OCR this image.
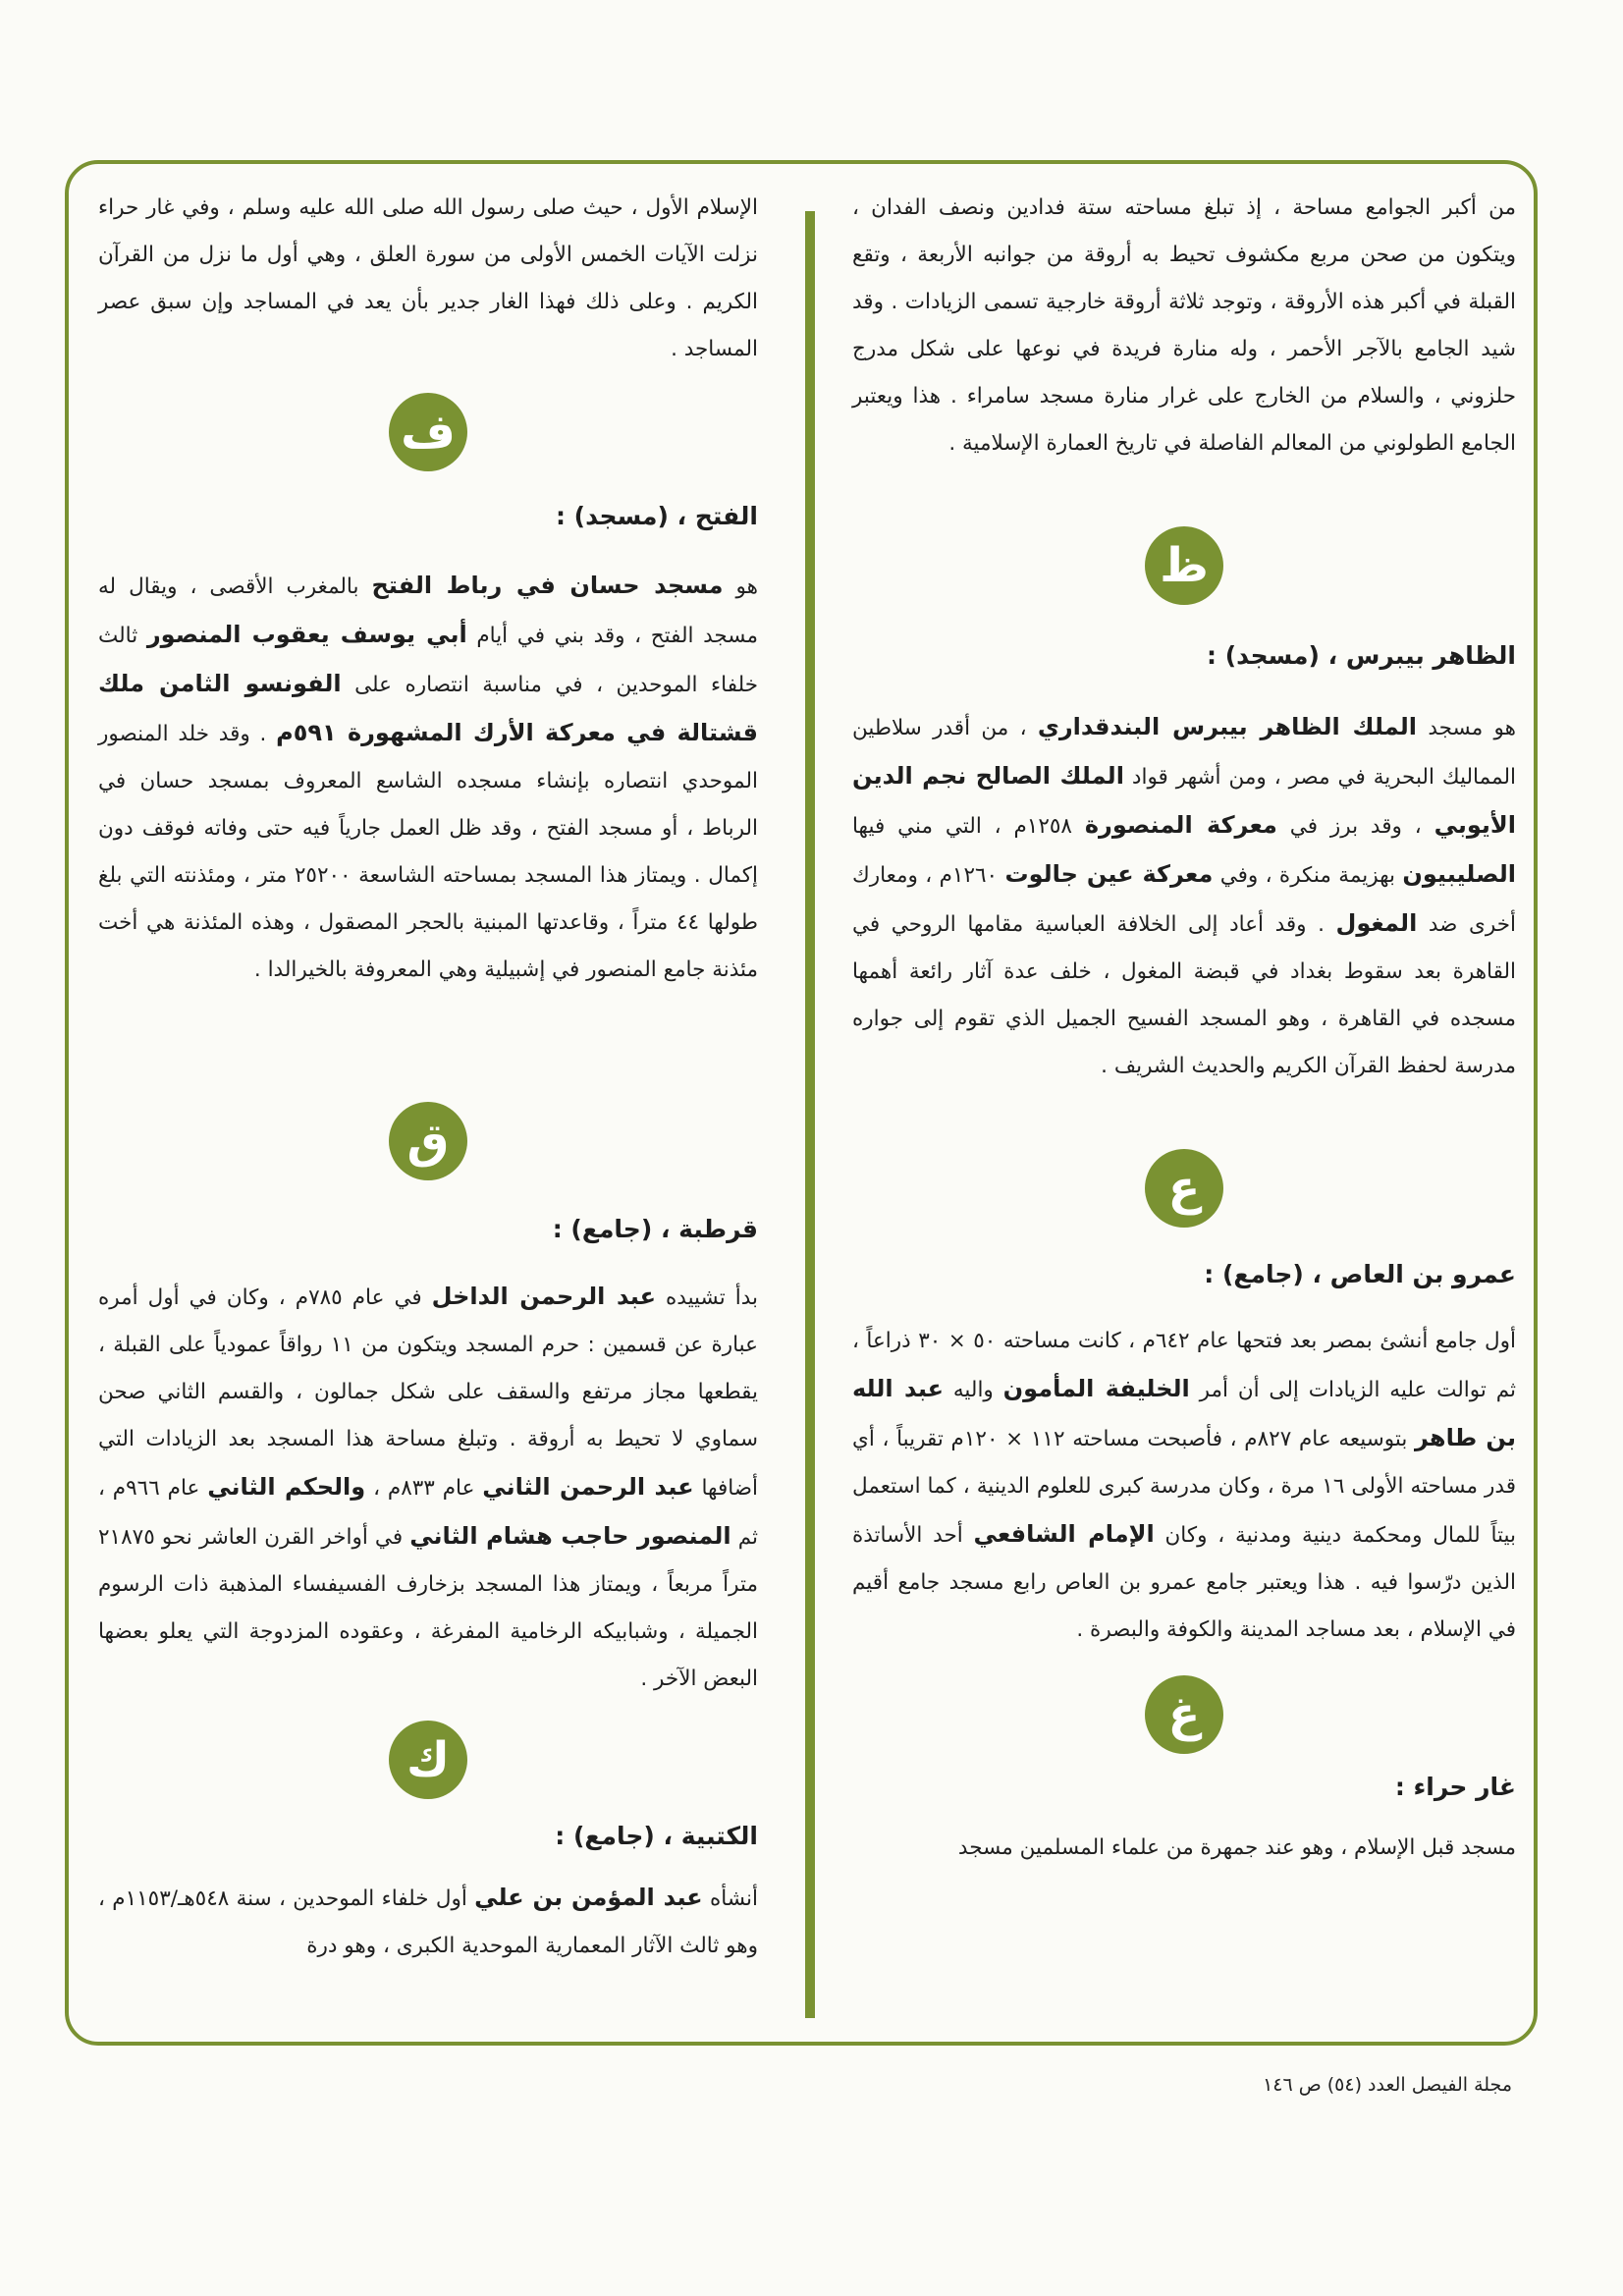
من أكبر الجوامع مساحة ، إذ تبلغ مساحته ستة فدادين ونصف الفدان ، ويتكون من صحن مربع مكشوف تحيط به أروقة من جوانبه الأربعة ، وتقع القبلة في أكبر هذه الأروقة ، وتوجد ثلاثة أروقة خارجية تسمى الزيادات . وقد شيد الجامع بالآجر الأحمر ، وله منارة فريدة في نوعها على شكل مدرج حلزوني ، والسلام من الخارج على غرار منارة مسجد سامراء . هذا ويعتبر الجامع الطولوني من المعالم الفاصلة في تاريخ العمارة الإسلامية .

ظ

الظاهر بيبرس ، (مسجد) :

هو مسجد الملك الظاهر بيبرس البندقداري ، من أقدر سلاطين المماليك البحرية في مصر ، ومن أشهر قواد الملك الصالح نجم الدين الأيوبي ، وقد برز في معركة المنصورة ١٢٥٨م ، التي مني فيها الصليبيون بهزيمة منكرة ، وفي معركة عين جالوت ١٢٦٠م ، ومعارك أخرى ضد المغول . وقد أعاد إلى الخلافة العباسية مقامها الروحي في القاهرة بعد سقوط بغداد في قبضة المغول ، خلف عدة آثار رائعة أهمها مسجده في القاهرة ، وهو المسجد الفسيح الجميل الذي تقوم إلى جواره مدرسة لحفظ القرآن الكريم والحديث الشريف .

ع

عمرو بن العاص ، (جامع) :

أول جامع أنشئ بمصر بعد فتحها عام ٦٤٢م ، كانت مساحته ٥٠ × ٣٠ ذراعاً ، ثم توالت عليه الزيادات إلى أن أمر الخليفة المأمون واليه عبد الله بن طاهر بتوسيعه عام ٨٢٧م ، فأصبحت مساحته ١١٢ × ١٢٠م تقريباً ، أي قدر مساحته الأولى ١٦ مرة ، وكان مدرسة كبرى للعلوم الدينية ، كما استعمل بيتاً للمال ومحكمة دينية ومدنية ، وكان الإمام الشافعي أحد الأساتذة الذين درّسوا فيه . هذا ويعتبر جامع عمرو بن العاص رابع مسجد جامع أقيم في الإسلام ، بعد مساجد المدينة والكوفة والبصرة .

غ

غار حراء :

مسجد قبل الإسلام ، وهو عند جمهرة من علماء المسلمين مسجد

الإسلام الأول ، حيث صلى رسول الله صلى الله عليه وسلم ، وفي غار حراء نزلت الآيات الخمس الأولى من سورة العلق ، وهي أول ما نزل من القرآن الكريم . وعلى ذلك فهذا الغار جدير بأن يعد في المساجد وإن سبق عصر المساجد .

ف

الفتح ، (مسجد) :

هو مسجد حسان في رباط الفتح بالمغرب الأقصى ، ويقال له مسجد الفتح ، وقد بني في أيام أبي يوسف يعقوب المنصور ثالث خلفاء الموحدين ، في مناسبة انتصاره على الفونسو الثامن ملك قشتالة في معركة الأرك المشهورة ٥٩١م . وقد خلد المنصور الموحدي انتصاره بإنشاء مسجده الشاسع المعروف بمسجد حسان في الرباط ، أو مسجد الفتح ، وقد ظل العمل جارياً فيه حتى وفاته فوقف دون إكمال . ويمتاز هذا المسجد بمساحته الشاسعة ٢٥٢٠٠ متر ، ومئذنته التي بلغ طولها ٤٤ متراً ، وقاعدتها المبنية بالحجر المصقول ، وهذه المئذنة هي أخت مئذنة جامع المنصور في إشبيلية وهي المعروفة بالخيرالدا .

ق

قرطبة ، (جامع) :

بدأ تشييده عبد الرحمن الداخل في عام ٧٨٥م ، وكان في أول أمره عبارة عن قسمين : حرم المسجد ويتكون من ١١ رواقاً عمودياً على القبلة ، يقطعها مجاز مرتفع والسقف على شكل جمالون ، والقسم الثاني صحن سماوي لا تحيط به أروقة . وتبلغ مساحة هذا المسجد بعد الزيادات التي أضافها عبد الرحمن الثاني عام ٨٣٣م ، والحكم الثاني عام ٩٦٦م ، ثم المنصور حاجب هشام الثاني في أواخر القرن العاشر نحو ٢١٨٧٥ متراً مربعاً ، ويمتاز هذا المسجد بزخارف الفسيفساء المذهبة ذات الرسوم الجميلة ، وشبابيكه الرخامية المفرغة ، وعقوده المزدوجة التي يعلو بعضها البعض الآخر .

ك

الكتبية ، (جامع) :

أنشأه عبد المؤمن بن علي أول خلفاء الموحدين ، سنة ٥٤٨هـ/١١٥٣م ، وهو ثالث الآثار المعمارية الموحدية الكبرى ، وهو درة

مجلة الفيصل العدد (٥٤) ص ١٤٦
